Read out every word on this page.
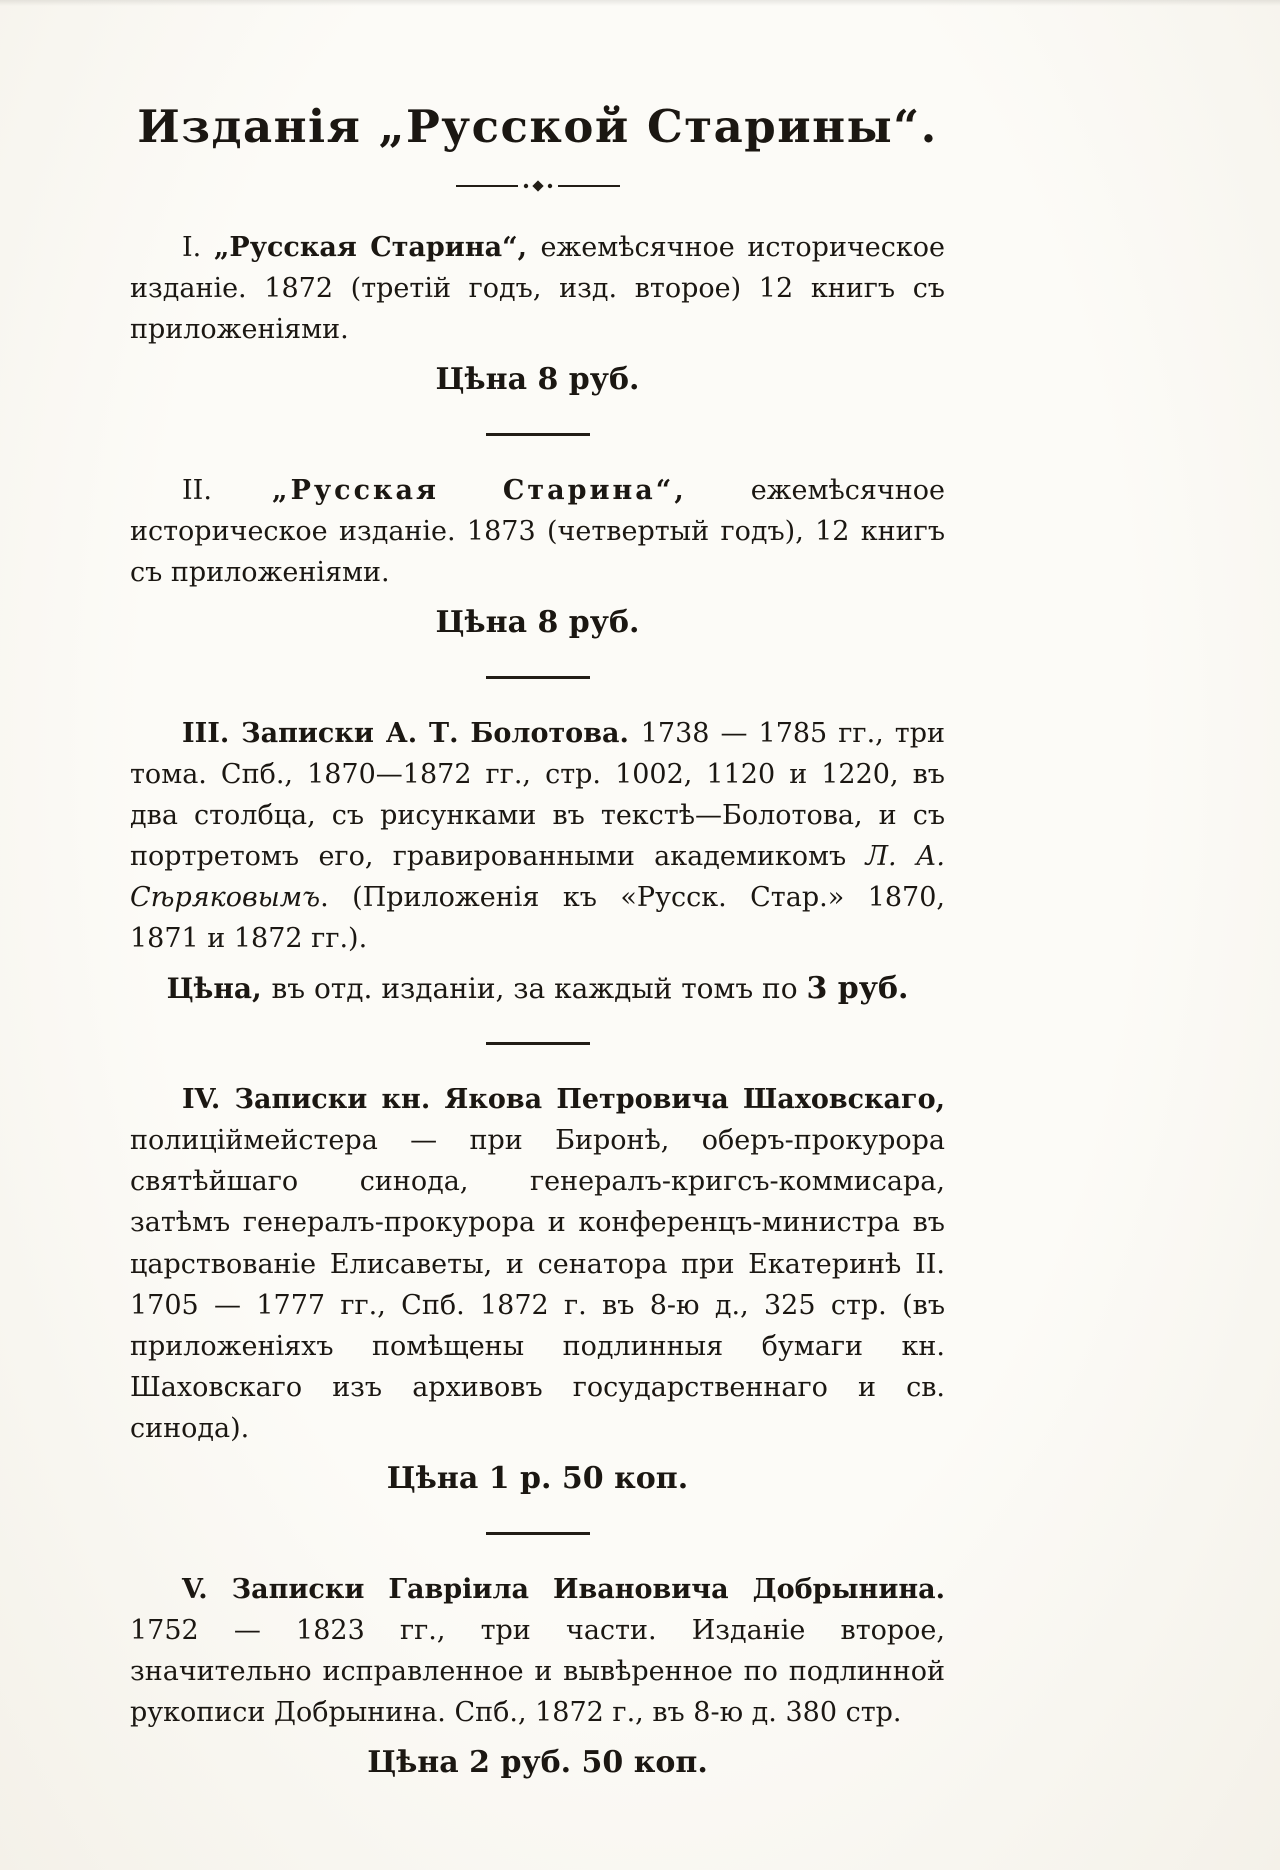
Изданія „Русской Старины“.

I. „Русская Старина“, ежемѣсячное историческое изданіе. 1872 (третій годъ, изд. второе) 12 книгъ съ приложеніями.

Цѣна 8 руб.

II. „Русская Старина“, ежемѣсячное историческое изданіе. 1873 (четвертый годъ), 12 книгъ съ приложеніями.

Цѣна 8 руб.

III. Записки А. Т. Болотова. 1738 — 1785 гг., три тома. Спб., 1870—1872 гг., стр. 1002, 1120 и 1220, въ два столбца, съ рисунками въ текстѣ—Болотова, и съ портретомъ его, гравированными академикомъ Л. А. Сѣряковымъ. (Приложенія къ «Русск. Стар.» 1870, 1871 и 1872 гг.).

Цѣна, въ отд. изданіи, за каждый томъ по 3 руб.

IV. Записки кн. Якова Петровича Шаховскаго, полиціймейстера — при Биронѣ, оберъ-прокурора святѣйшаго синода, генералъ-кригсъ-коммисара, затѣмъ генералъ-прокурора и конференцъ-министра въ царствованіе Елисаветы, и сенатора при Екатеринѣ II. 1705 — 1777 гг., Спб. 1872 г. въ 8-ю д., 325 стр. (въ приложеніяхъ помѣщены подлинныя бумаги кн. Шаховскаго изъ архивовъ государственнаго и св. синода).

Цѣна 1 р. 50 коп.

V. Записки Гавріила Ивановича Добрынина. 1752 — 1823 гг., три части. Изданіе второе, значительно исправленное и вывѣренное по подлинной рукописи Добрынина. Спб., 1872 г., въ 8-ю д. 380 стр.

Цѣна 2 руб. 50 коп.
